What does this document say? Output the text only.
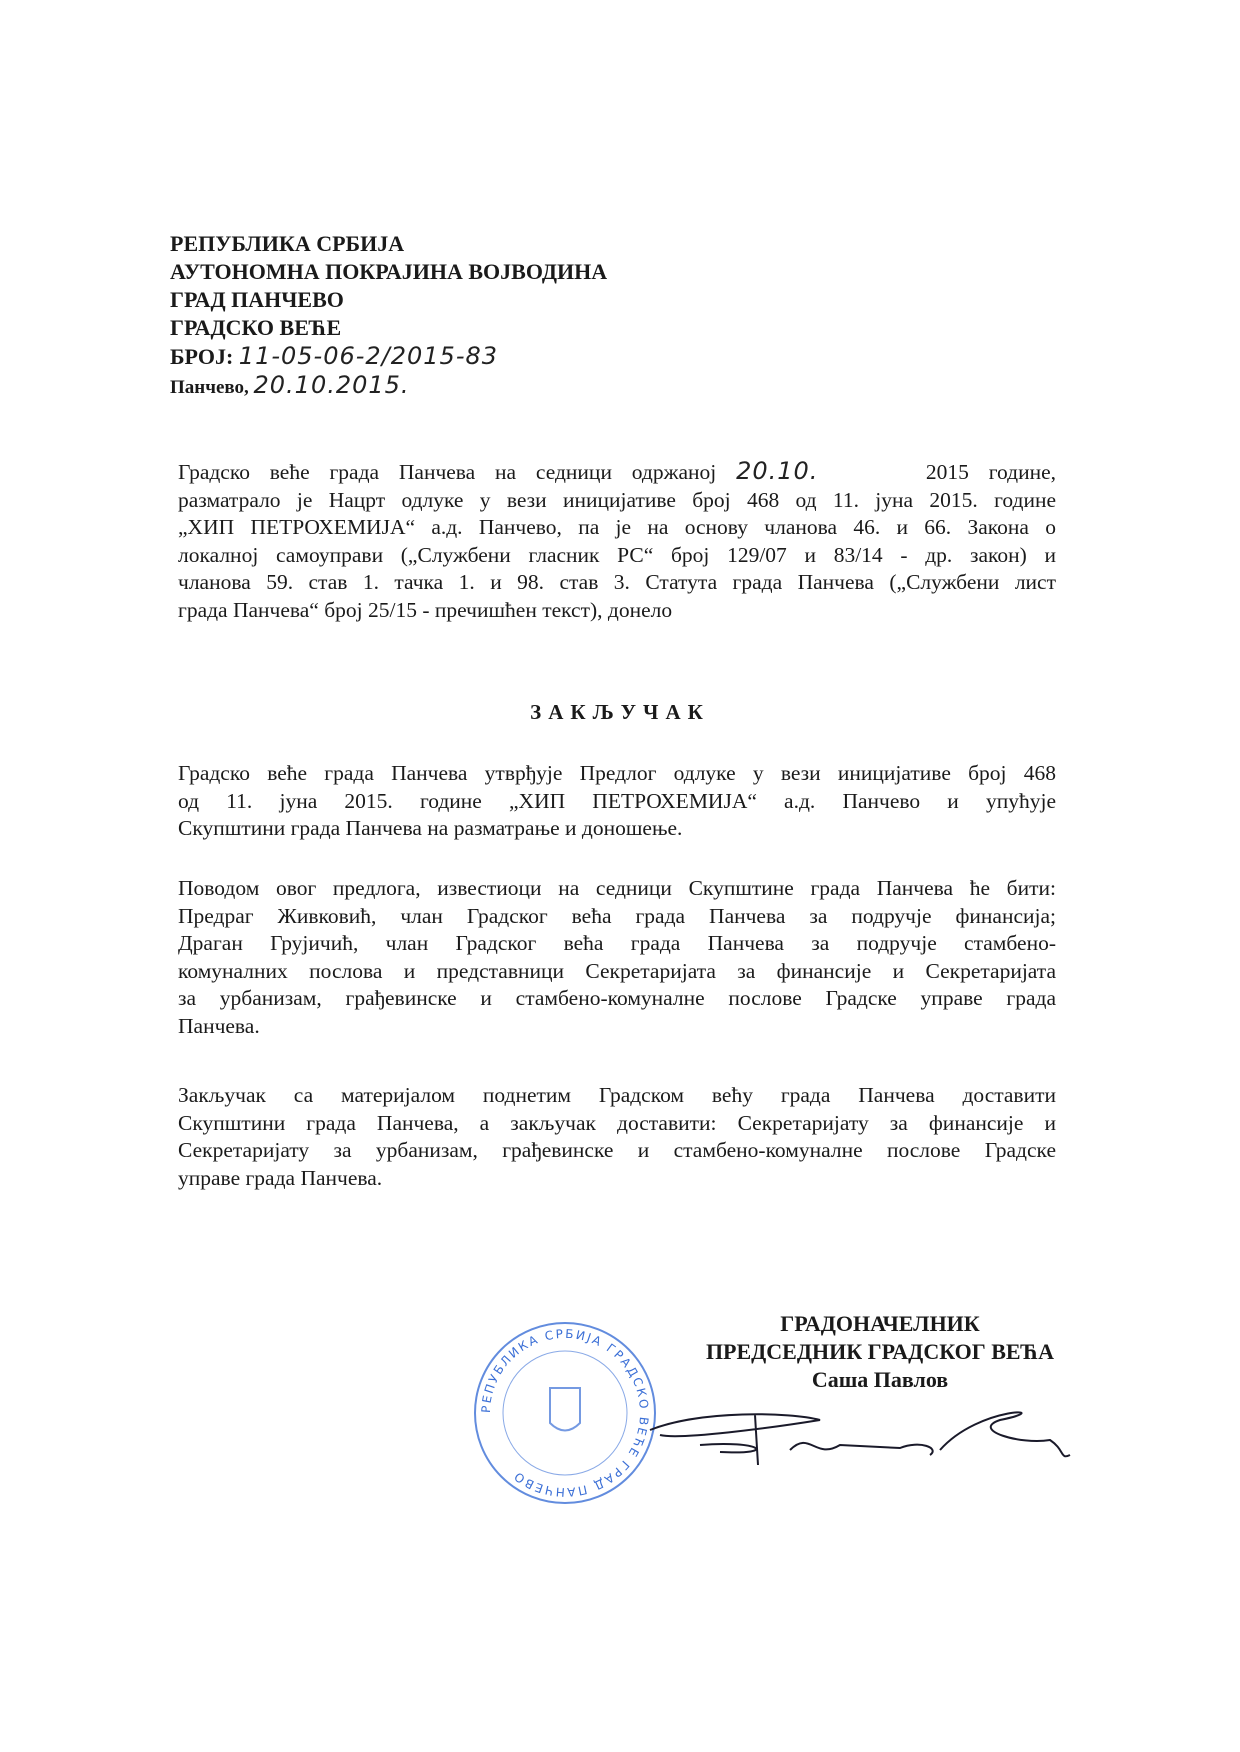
РЕПУБЛИКА СРБИЈА
АУТОНОМНА ПОКРАЈИНА ВОЈВОДИНА
ГРАД ПАНЧЕВО
ГРАДСКО ВЕЋЕ
БРОЈ: 11-05-06-2/2015-83
Панчево, 20.10.2015.
Градско веће града Панчева на седници одржаној 20.10.	2015 године,
разматрало је Нацрт одлуке у вези иницијативе број 468 од 11. јуна 2015. године
„ХИП ПЕТРОХЕМИЈА“ а.д. Панчево, па је на основу чланова 46. и 66. Закона о
локалној самоуправи („Службени гласник РС“ број 129/07 и 83/14 - др. закон) и
чланова 59. став 1. тачка 1. и 98. став 3. Статута града Панчева („Службени лист
града Панчева“ број 25/15 - пречишћен текст), донело
ЗАКЉУЧАК
Градско веће града Панчева утврђује Предлог одлуке у вези иницијативе број 468
од 11. јуна 2015. године „ХИП ПЕТРОХЕМИЈА“ а.д. Панчево и упућује
Скупштини града Панчева на разматрање и доношење.
Поводом овог предлога, известиоци на седници Скупштине града Панчева ће бити:
Предраг Живковић, члан Градског већа града Панчева за подручје финансија;
Драган Грујичић, члан Градског већа града Панчева за подручје стамбено-
комуналних послова и представници Секретаријата за финансије и Секретаријата
за урбанизам, грађевинске и стамбено-комуналне послове Градске управе града
Панчева.
Закључак са материјалом поднетим Градском већу града Панчева доставити
Скупштини града Панчева, а закључак доставити: Секретаријату за финансије и
Секретаријату за урбанизам, грађевинске и стамбено-комуналне послове Градске
управе града Панчева.
РЕПУБЛИКА СРБИЈА ГРАДСКО ВЕЋЕ ГРАД ПАНЧЕВО
ГРАДОНАЧЕЛНИК
ПРЕДСЕДНИК ГРАДСКОГ ВЕЋА
Саша Павлов
